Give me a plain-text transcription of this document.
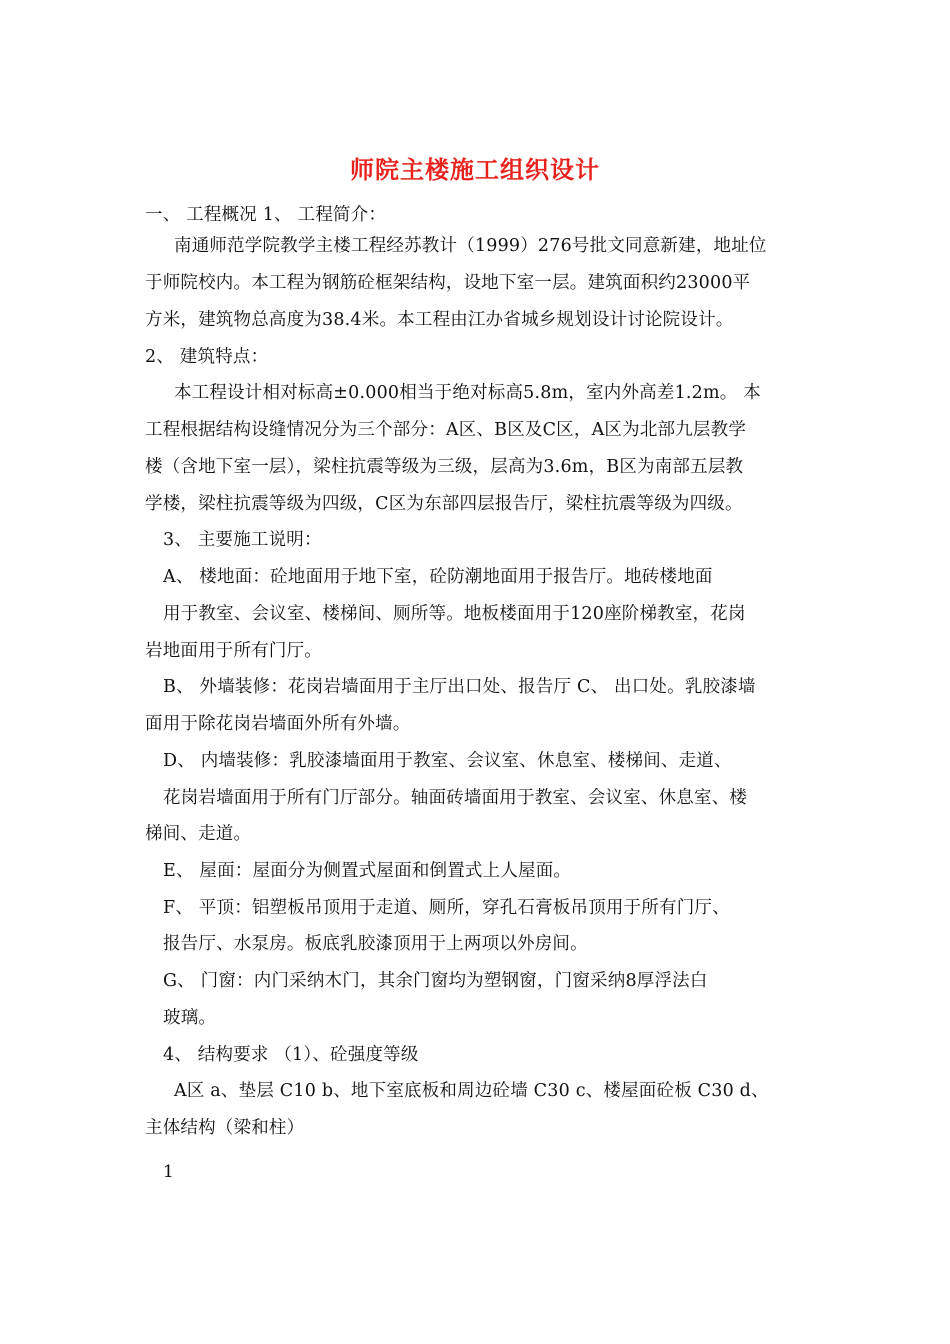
师院主楼施工组织设计
一、 工程概况 1、 工程简介：
南通师范学院教学主楼工程经苏教计（1999）276号批文同意新建，地址位
于师院校内。本工程为钢筋砼框架结构，设地下室一层。建筑面积约23000平
方米，建筑物总高度为38.4米。本工程由江办省城乡规划设计讨论院设计。
2、 建筑特点：
本工程设计相对标高±0.000相当于绝对标高5.8m，室内外高差1.2m。 本
工程根据结构设缝情况分为三个部分：A区、B区及C区，A区为北部九层教学
楼（含地下室一层），梁柱抗震等级为三级，层高为3.6m，B区为南部五层教
学楼，梁柱抗震等级为四级，C区为东部四层报告厅，梁柱抗震等级为四级。
3、 主要施工说明：
A、 楼地面：砼地面用于地下室，砼防潮地面用于报告厅。地砖楼地面
用于教室、会议室、楼梯间、厕所等。地板楼面用于120座阶梯教室，花岗
岩地面用于所有门厅。
B、 外墙装修：花岗岩墙面用于主厅出口处、报告厅 C、 出口处。乳胶漆墙
面用于除花岗岩墙面外所有外墙。
D、 内墙装修：乳胶漆墙面用于教室、会议室、休息室、楼梯间、走道、
花岗岩墙面用于所有门厅部分。轴面砖墙面用于教室、会议室、休息室、楼
梯间、走道。
E、 屋面：屋面分为侧置式屋面和倒置式上人屋面。
F、 平顶：铝塑板吊顶用于走道、厕所，穿孔石膏板吊顶用于所有门厅、
报告厅、水泵房。板底乳胶漆顶用于上两项以外房间。
G、 门窗：内门采纳木门，其余门窗均为塑钢窗，门窗采纳8厚浮法白
玻璃。
4、 结构要求 （1）、砼强度等级
A区 a、垫层 C10 b、地下室底板和周边砼墙 C30 c、楼屋面砼板 C30 d、
主体结构（梁和柱）
1
